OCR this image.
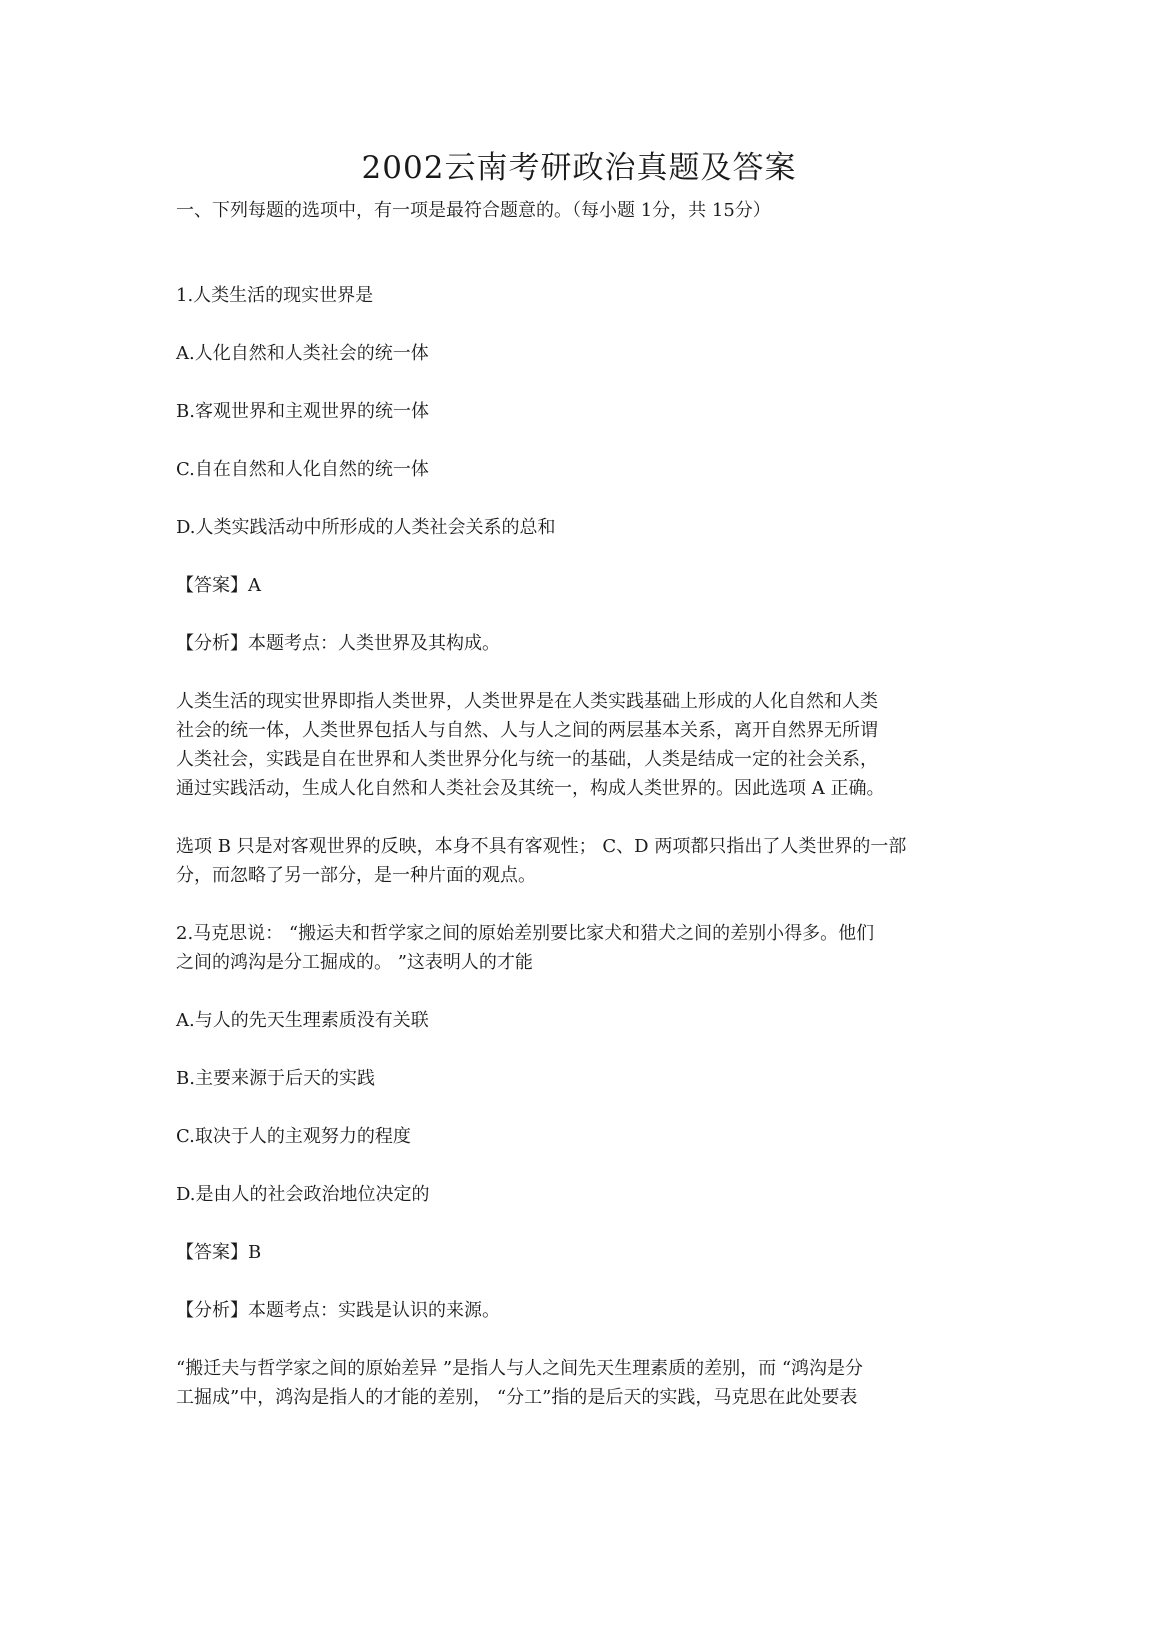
2002云南考研政治真题及答案
一、下列每题的选项中，有一项是最符合题意的。（每小题 1分，共 15分）
1.人类生活的现实世界是
A.人化自然和人类社会的统一体
B.客观世界和主观世界的统一体
C.自在自然和人化自然的统一体
D.人类实践活动中所形成的人类社会关系的总和
【答案】A
【分析】本题考点：人类世界及其构成。
人类生活的现实世界即指人类世界，人类世界是在人类实践基础上形成的人化自然和人类
社会的统一体，人类世界包括人与自然、人与人之间的两层基本关系，离开自然界无所谓
人类社会，实践是自在世界和人类世界分化与统一的基础，人类是结成一定的社会关系，
通过实践活动，生成人化自然和人类社会及其统一，构成人类世界的。因此选项 A 正确。
选项 B 只是对客观世界的反映，本身不具有客观性； C、D 两项都只指出了人类世界的一部
分，而忽略了另一部分，是一种片面的观点。
2.马克思说： “搬运夫和哲学家之间的原始差别要比家犬和猎犬之间的差别小得多。他们
之间的鸿沟是分工掘成的。 ”这表明人的才能
A.与人的先天生理素质没有关联
B.主要来源于后天的实践
C.取决于人的主观努力的程度
D.是由人的社会政治地位决定的
【答案】B
【分析】本题考点：实践是认识的来源。
“搬迁夫与哲学家之间的原始差异 ”是指人与人之间先天生理素质的差别，而 “鸿沟是分
工掘成”中，鸿沟是指人的才能的差别， “分工”指的是后天的实践，马克思在此处要表
